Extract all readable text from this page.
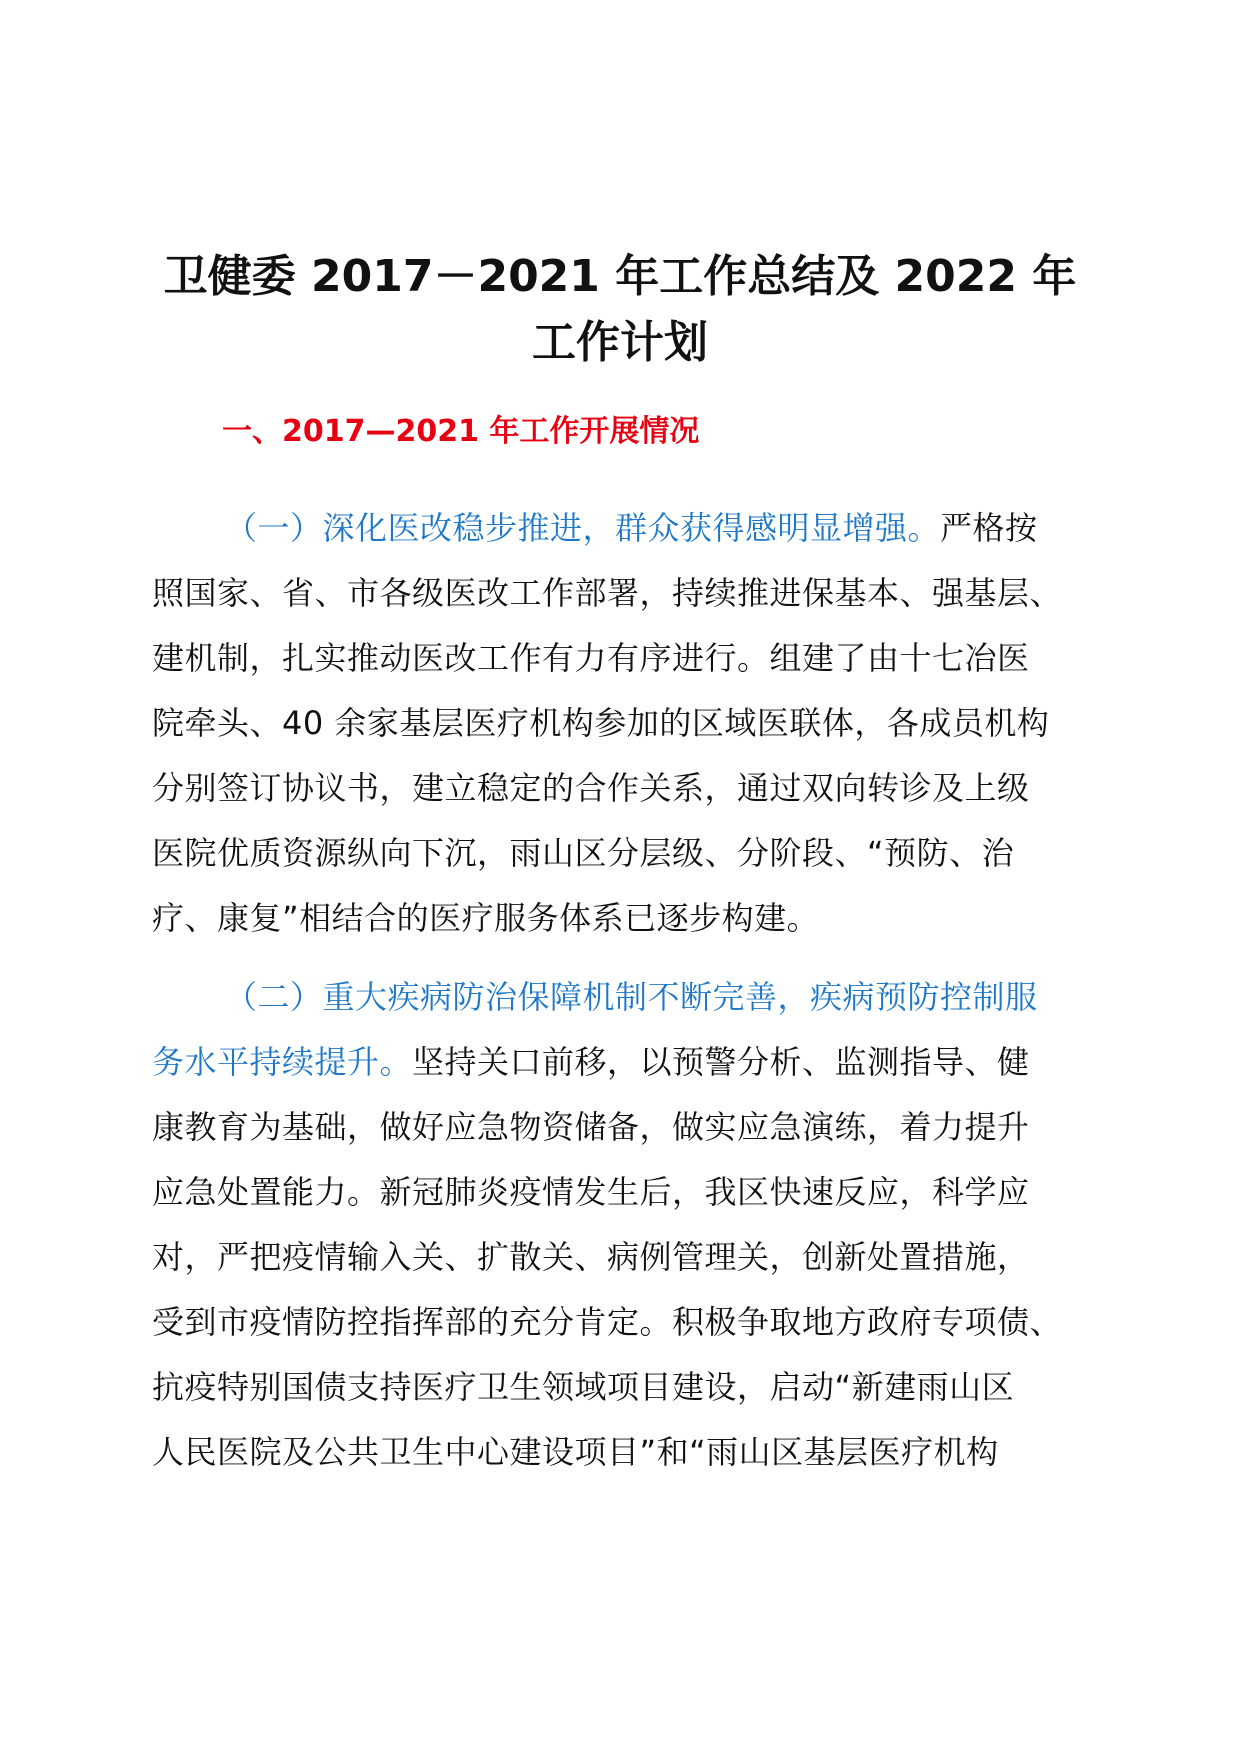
卫健委 2017－2021 年工作总结及 2022 年
工作计划
一、2017—2021 年工作开展情况
（一）深化医改稳步推进，群众获得感明显增强。严格按
照国家、省、市各级医改工作部署，持续推进保基本、强基层、
建机制，扎实推动医改工作有力有序进行。组建了由十七冶医
院牵头、40 余家基层医疗机构参加的区域医联体，各成员机构
分别签订协议书，建立稳定的合作关系，通过双向转诊及上级
医院优质资源纵向下沉，雨山区分层级、分阶段、“预防、治
疗、康复”相结合的医疗服务体系已逐步构建。
（二）重大疾病防治保障机制不断完善，疾病预防控制服
务水平持续提升。坚持关口前移，以预警分析、监测指导、健
康教育为基础，做好应急物资储备，做实应急演练，着力提升
应急处置能力。新冠肺炎疫情发生后，我区快速反应，科学应
对，严把疫情输入关、扩散关、病例管理关，创新处置措施，
受到市疫情防控指挥部的充分肯定。积极争取地方政府专项债、
抗疫特别国债支持医疗卫生领域项目建设，启动“新建雨山区
人民医院及公共卫生中心建设项目”和“雨山区基层医疗机构
